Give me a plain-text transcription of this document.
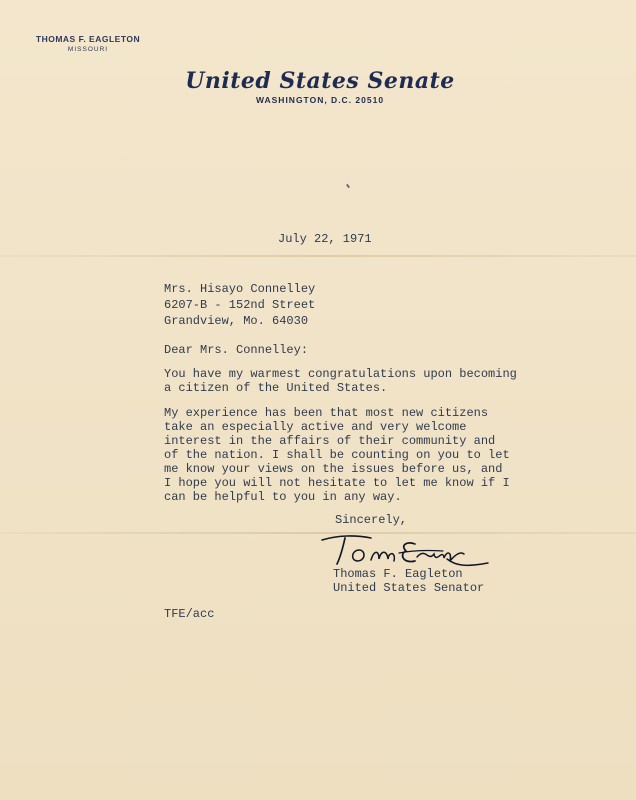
THOMAS F. EAGLETON
MISSOURI
United States Senate
WASHINGTON, D.C. 20510
July 22, 1971
Mrs. Hisayo Connelley
6207-B - 152nd Street
Grandview, Mo. 64030
Dear Mrs. Connelley:
You have my warmest congratulations upon becoming
a citizen of the United States.
My experience has been that most new citizens
take an especially active and very welcome
interest in the affairs of their community and
of the nation. I shall be counting on you to let
me know your views on the issues before us, and
I hope you will not hesitate to let me know if I
can be helpful to you in any way.
Sincerely,
Thomas F. Eagleton
United States Senator
TFE/acc
